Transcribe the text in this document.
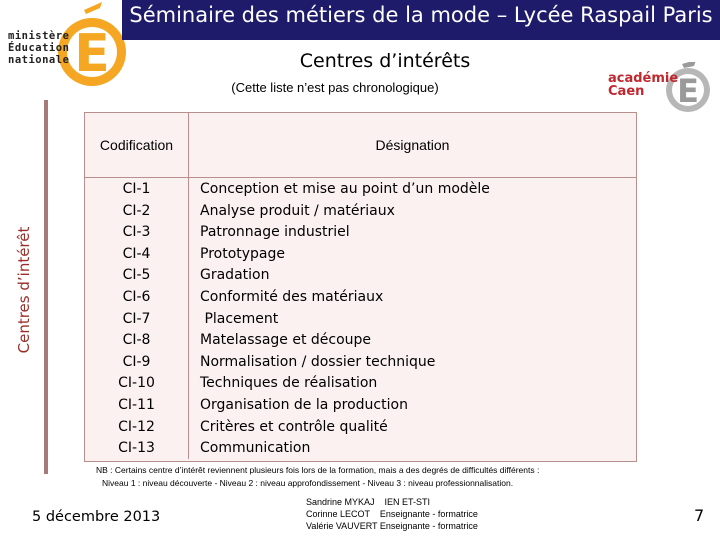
E
ministère
Éducation
nationale
Séminaire des métiers de la mode – Lycée Raspail Paris
Centres d’intérêts
(Cette liste n’est pas chronologique)	E
académie
Caen
Centres d’intérêt
Codification	Désignation
CI-1
CI-2
CI-3
CI-4
CI-5
CI-6
CI-7
CI-8
CI-9
CI-10
CI-11
CI-12
CI-13
Conception et mise au point d’un modèle
Analyse produit / matériaux
Patronnage industriel
Prototypage
Gradation
Conformité des matériaux
Placement
Matelassage et découpe
Normalisation / dossier technique
Techniques de réalisation
Organisation de la production
Critères et contrôle qualité
Communication
NB : Certains centre d’intérêt reviennent plusieurs fois lors de la formation, mais a des degrés de difficultés différents :
Niveau 1 : niveau découverte - Niveau 2 : niveau approfondissement - Niveau 3 : niveau professionnalisation.
5 décembre 2013
Sandrine MYKAJ    IEN ET-STI
Corinne LECOT    Enseignante - formatrice
Valérie VAUVERT Enseignante - formatrice
7
